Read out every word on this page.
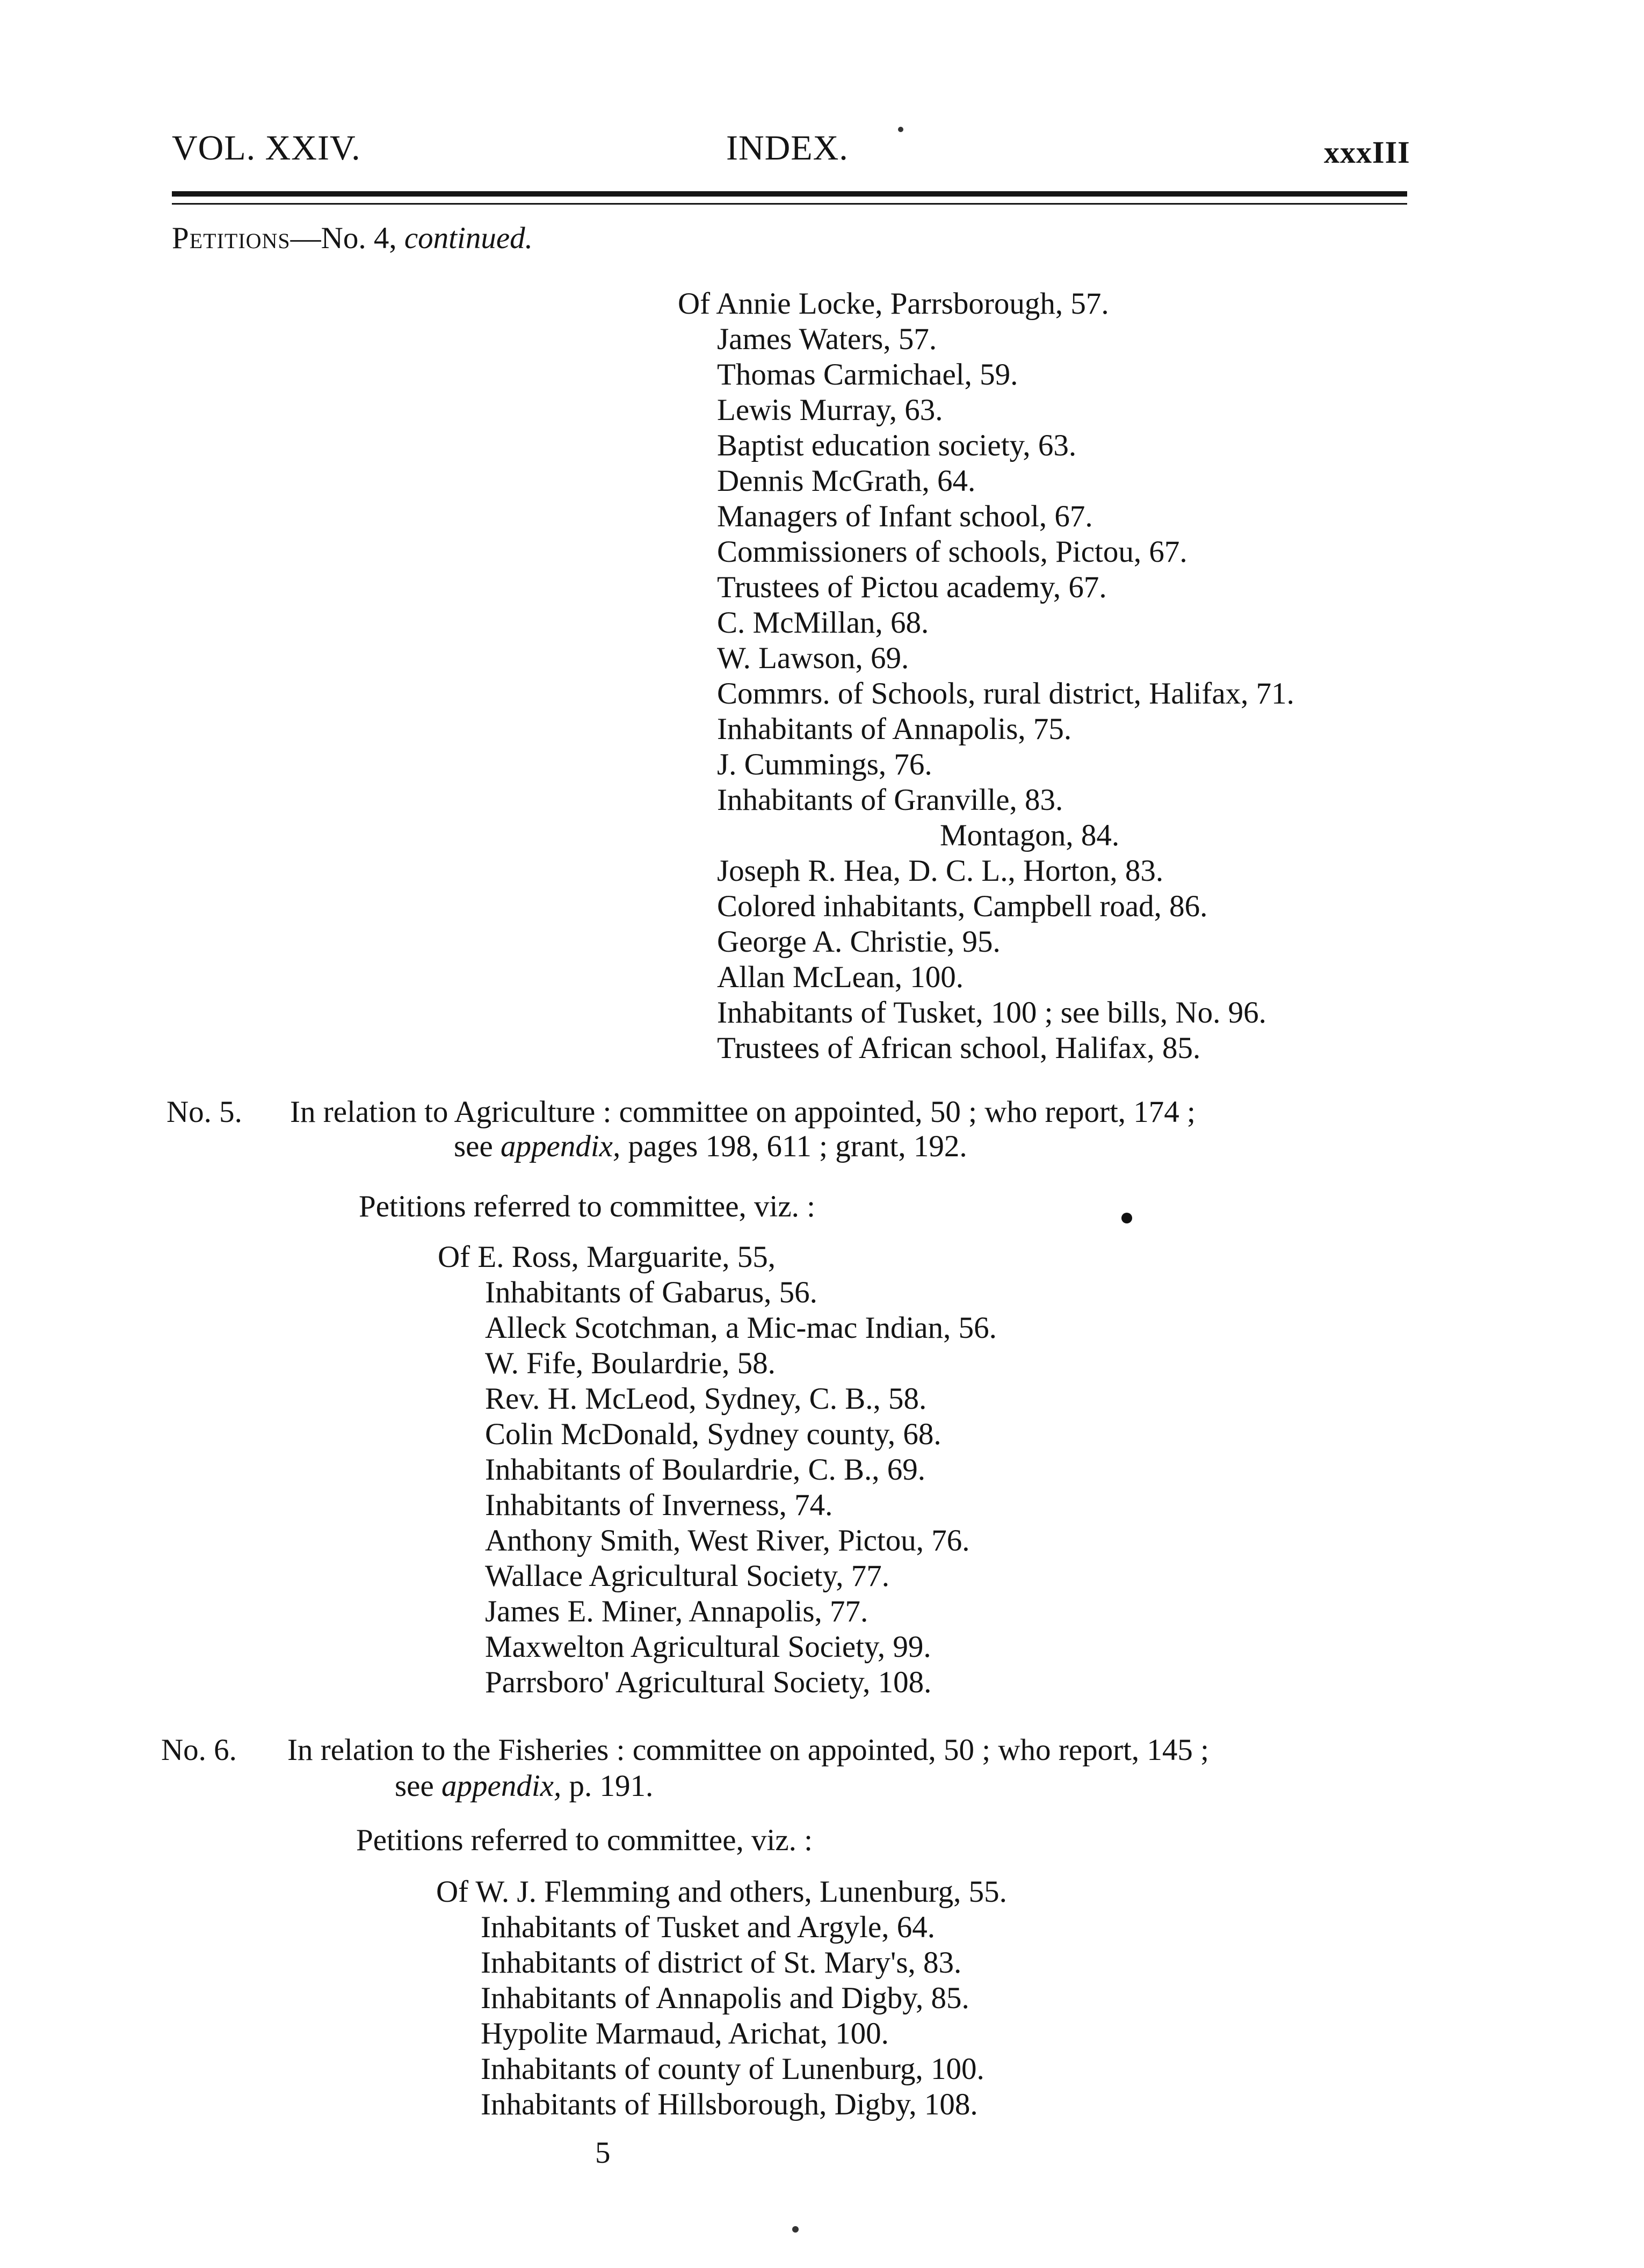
VOL. XXIV.	INDEX.	xxxIII
Petitions—No. 4, continued.
Of Annie Locke, Parrsborough, 57.
James Waters, 57.
Thomas Carmichael, 59.
Lewis Murray, 63.
Baptist education society, 63.
Dennis McGrath, 64.
Managers of Infant school, 67.
Commissioners of schools, Pictou, 67.
Trustees of Pictou academy, 67.
C. McMillan, 68.
W. Lawson, 69.
Commrs. of Schools, rural district, Halifax, 71.
Inhabitants of Annapolis, 75.
J. Cummings, 76.
Inhabitants of Granville, 83.
Montagon, 84.
Joseph R. Hea, D. C. L., Horton, 83.
Colored inhabitants, Campbell road, 86.
George A. Christie, 95.
Allan McLean, 100.
Inhabitants of Tusket, 100 ; see bills, No. 96.
Trustees of African school, Halifax, 85.
No. 5. In relation to Agriculture : committee on appointed, 50 ; who report, 174 ;
see appendix, pages 198, 611 ; grant, 192.
Petitions referred to committee, viz. :
Of E. Ross, Marguarite, 55,
Inhabitants of Gabarus, 56.
Alleck Scotchman, a Mic-mac Indian, 56.
W. Fife, Boulardrie, 58.
Rev. H. McLeod, Sydney, C. B., 58.
Colin McDonald, Sydney county, 68.
Inhabitants of Boulardrie, C. B., 69.
Inhabitants of Inverness, 74.
Anthony Smith, West River, Pictou, 76.
Wallace Agricultural Society, 77.
James E. Miner, Annapolis, 77.
Maxwelton Agricultural Society, 99.
Parrsboro' Agricultural Society, 108.
No. 6. In relation to the Fisheries : committee on appointed, 50 ; who report, 145 ;
see appendix, p. 191.
Petitions referred to committee, viz. :
Of W. J. Flemming and others, Lunenburg, 55.
Inhabitants of Tusket and Argyle, 64.
Inhabitants of district of St. Mary's, 83.
Inhabitants of Annapolis and Digby, 85.
Hypolite Marmaud, Arichat, 100.
Inhabitants of county of Lunenburg, 100.
Inhabitants of Hillsborough, Digby, 108.
5
